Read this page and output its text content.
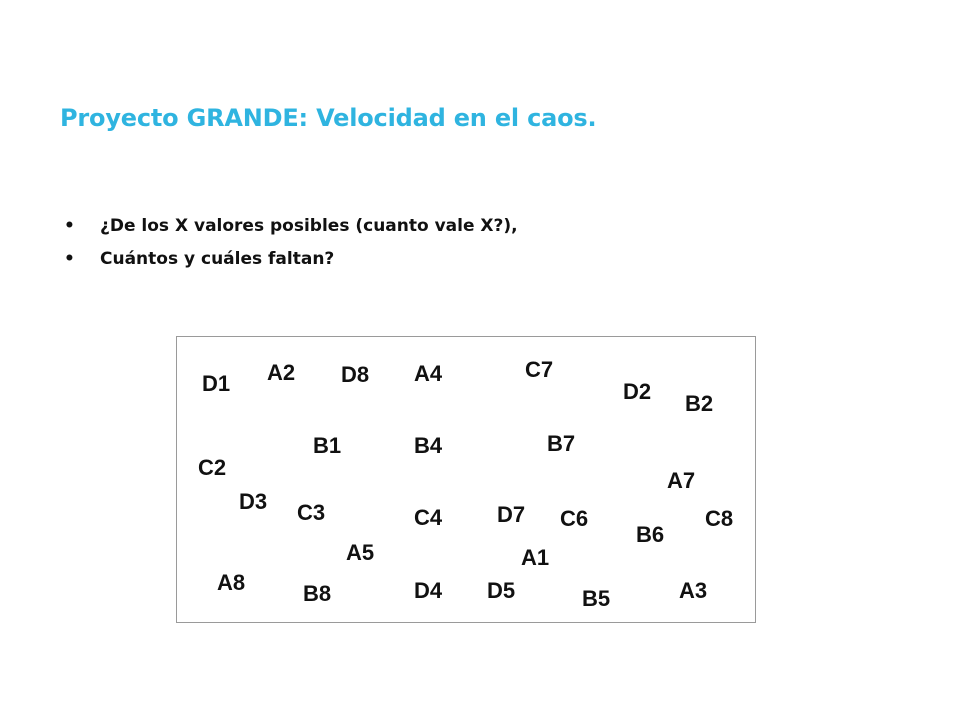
Proyecto GRANDE: Velocidad en el caos.
• ¿De los X valores posibles (cuanto vale X?),
• Cuántos y cuáles faltan?
D1 A2 D8 A4	C7
D2 B2
B1	B4	B7
C2
A7
D3 C3	C4 D7 C6	C8
B6
A5	A1
A8	B8	D4 D5	B5	A3
